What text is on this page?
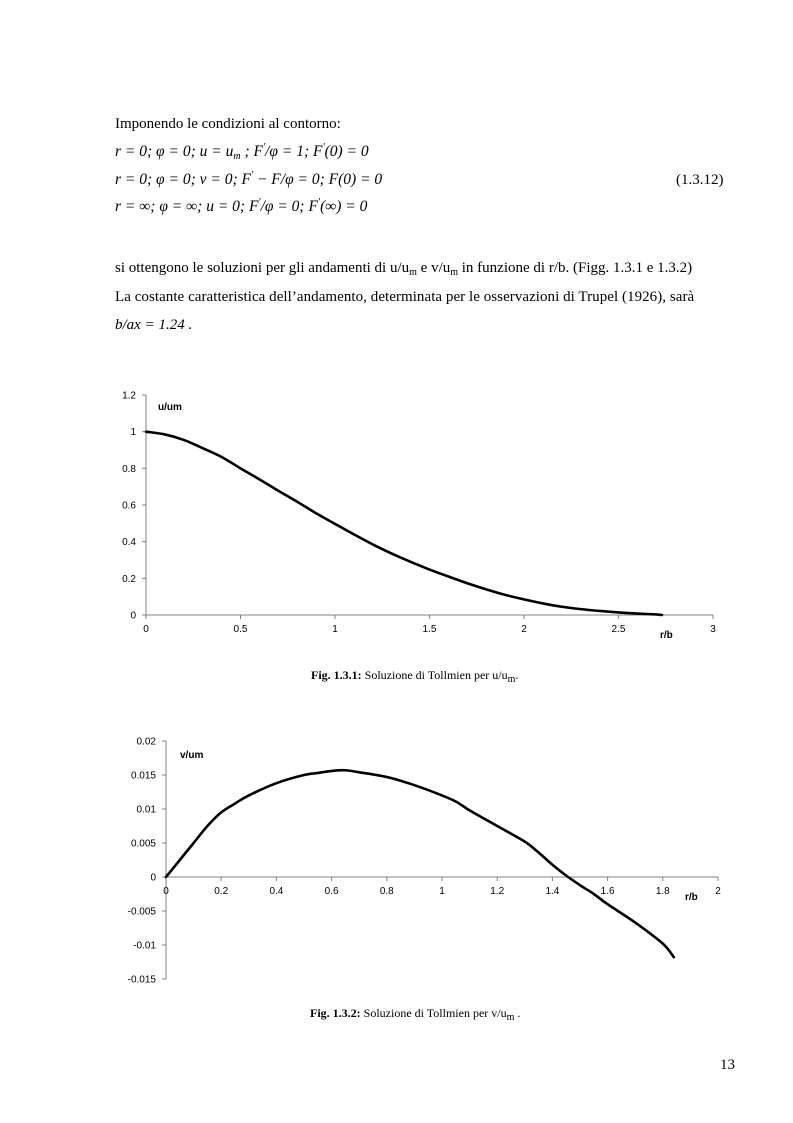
Imponendo le condizioni al contorno:
r = 0; φ = 0; $u = u_m$ ; F'/φ = 1; F'(0) = 0
r = 0; φ = 0; v = 0; F' − F/φ = 0; F(0) = 0
r = ∞; φ = ∞; u = 0; F'/φ = 0; F'(∞) = 0
(1.3.12)
si ottengono le soluzioni per gli andamenti di $u/u_m$ e $v/u_m$ in funzione di r/b. (Figg. 1.3.1 e 1.3.2)
La costante caratteristica dell’andamento, determinata per le osservazioni di Trupel (1926), sarà
b/ax = 1.24 .
0
0.2
0.4
0.6
0.8
1
1.2
0	0.5	1	1.5	2	2.5	3
u/um
r/b
Fig. 1.3.1: Soluzione di Tollmien per $u/u_m$.
-0.015
-0.01
-0.005
0
0.005
0.01
0.015
0.02
0	0.2	0.4	0.6	0.8	1	1.2	1.4	1.6	1.8	2
v/um
r/b
Fig. 1.3.2: Soluzione di Tollmien per $v/u_m$ .
13
